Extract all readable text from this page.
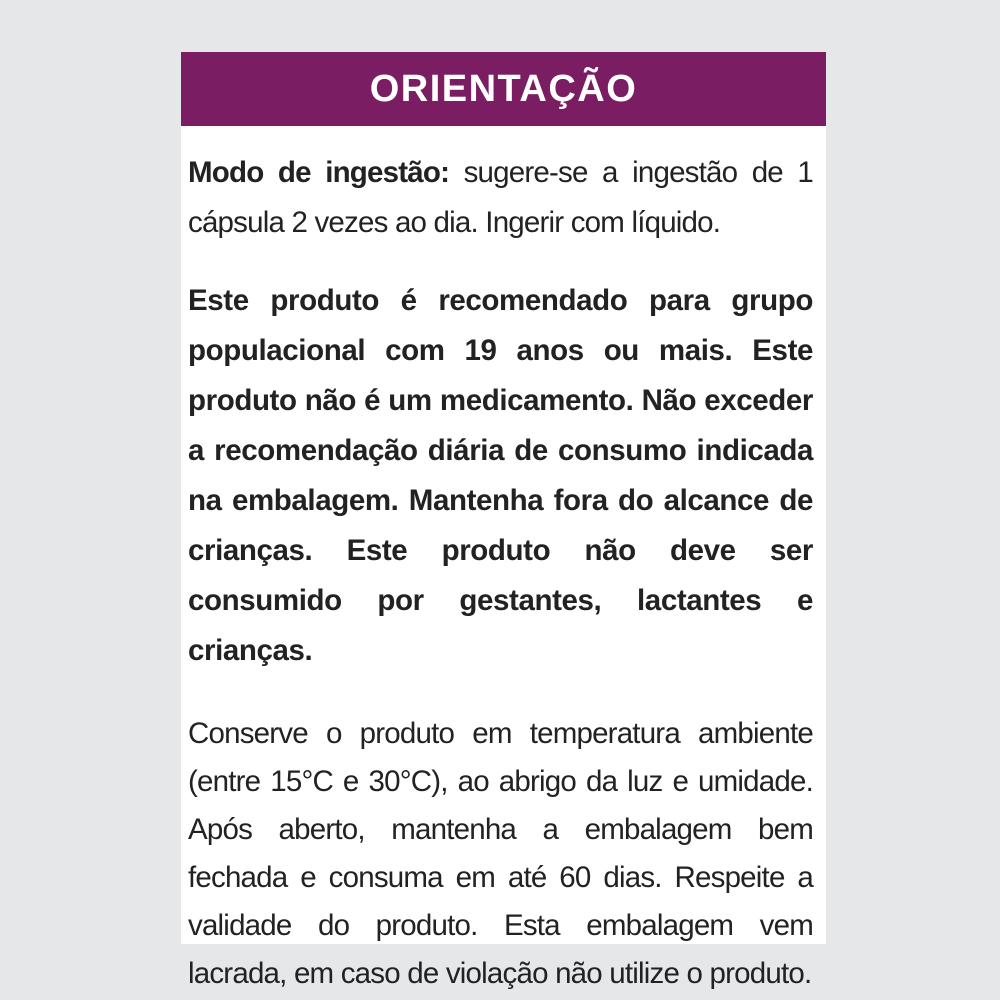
ORIENTAÇÃO

Modo de ingestão: sugere-se a ingestão de 1 cápsula 2 vezes ao dia. Ingerir com líquido.

Este produto é recomendado para grupo populacional com 19 anos ou mais. Este produto não é um medicamento. Não exceder a recomendação diária de consumo indicada na embalagem. Mantenha fora do alcance de crianças. Este produto não deve ser consumido por gestantes, lactantes e crianças.

Conserve o produto em temperatura ambiente (entre 15°C e 30°C), ao abrigo da luz e umidade. Após aberto, mantenha a embalagem bem fechada e consuma em até 60 dias. Respeite a validade do produto. Esta embalagem vem lacrada, em caso de violação não utilize o produto.
